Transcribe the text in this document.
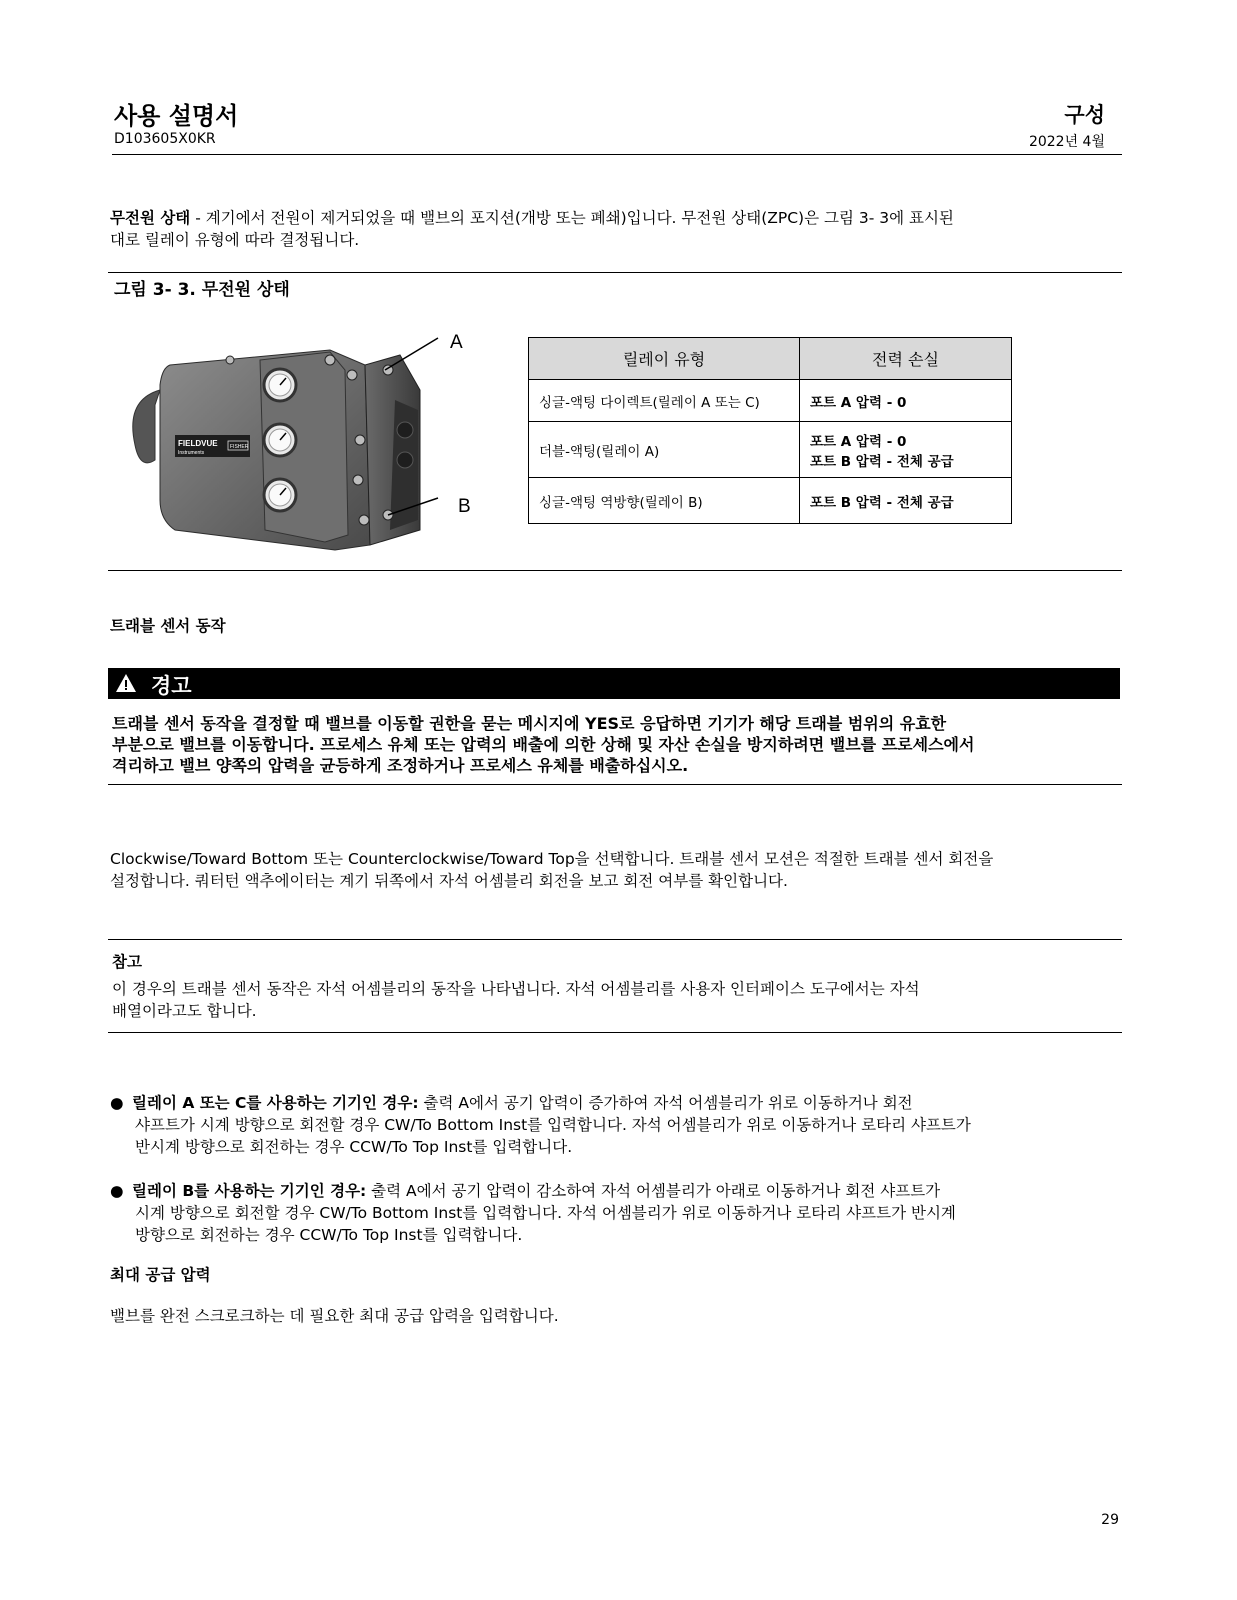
사용 설명서
D103605X0KR
구성
2022년 4월
무전원 상태 - 계기에서 전원이 제거되었을 때 밸브의 포지션(개방 또는 폐쇄)입니다. 무전원 상태(ZPC)은 그림 3- 3에 표시된
대로 릴레이 유형에 따라 결정됩니다.
그림 3- 3. 무전원 상태
FIELDVUE
Instruments
FISHER
A
B
릴레이 유형	전력 손실
싱글-액팅 다이렉트(릴레이 A 또는 C)	포트 A 압력 - 0
더블-액팅(릴레이 A)	포트 A 압력 - 0
포트 B 압력 - 전체 공급
싱글-액팅 역방향(릴레이 B)	포트 B 압력 - 전체 공급
트래블 센서 동작
경고
트래블 센서 동작을 결정할 때 밸브를 이동할 권한을 묻는 메시지에 YES로 응답하면 기기가 해당 트래블 범위의 유효한
부분으로 밸브를 이동합니다. 프로세스 유체 또는 압력의 배출에 의한 상해 및 자산 손실을 방지하려면 밸브를 프로세스에서
격리하고 밸브 양쪽의 압력을 균등하게 조정하거나 프로세스 유체를 배출하십시오.
Clockwise/Toward Bottom 또는 Counterclockwise/Toward Top을 선택합니다. 트래블 센서 모션은 적절한 트래블 센서 회전을
설정합니다. 쿼터턴 액추에이터는 계기 뒤쪽에서 자석 어셈블리 회전을 보고 회전 여부를 확인합니다.
참고
이 경우의 트래블 센서 동작은 자석 어셈블리의 동작을 나타냅니다. 자석 어셈블리를 사용자 인터페이스 도구에서는 자석
배열이라고도 합니다.
● 릴레이 A 또는 C를 사용하는 기기인 경우: 출력 A에서 공기 압력이 증가하여 자석 어셈블리가 위로 이동하거나 회전
샤프트가 시계 방향으로 회전할 경우 CW/To Bottom Inst를 입력합니다. 자석 어셈블리가 위로 이동하거나 로타리 샤프트가
반시계 방향으로 회전하는 경우 CCW/To Top Inst를 입력합니다.
● 릴레이 B를 사용하는 기기인 경우: 출력 A에서 공기 압력이 감소하여 자석 어셈블리가 아래로 이동하거나 회전 샤프트가
시계 방향으로 회전할 경우 CW/To Bottom Inst를 입력합니다. 자석 어셈블리가 위로 이동하거나 로타리 샤프트가 반시계
방향으로 회전하는 경우 CCW/To Top Inst를 입력합니다.
최대 공급 압력
밸브를 완전 스크로크하는 데 필요한 최대 공급 압력을 입력합니다.
29
